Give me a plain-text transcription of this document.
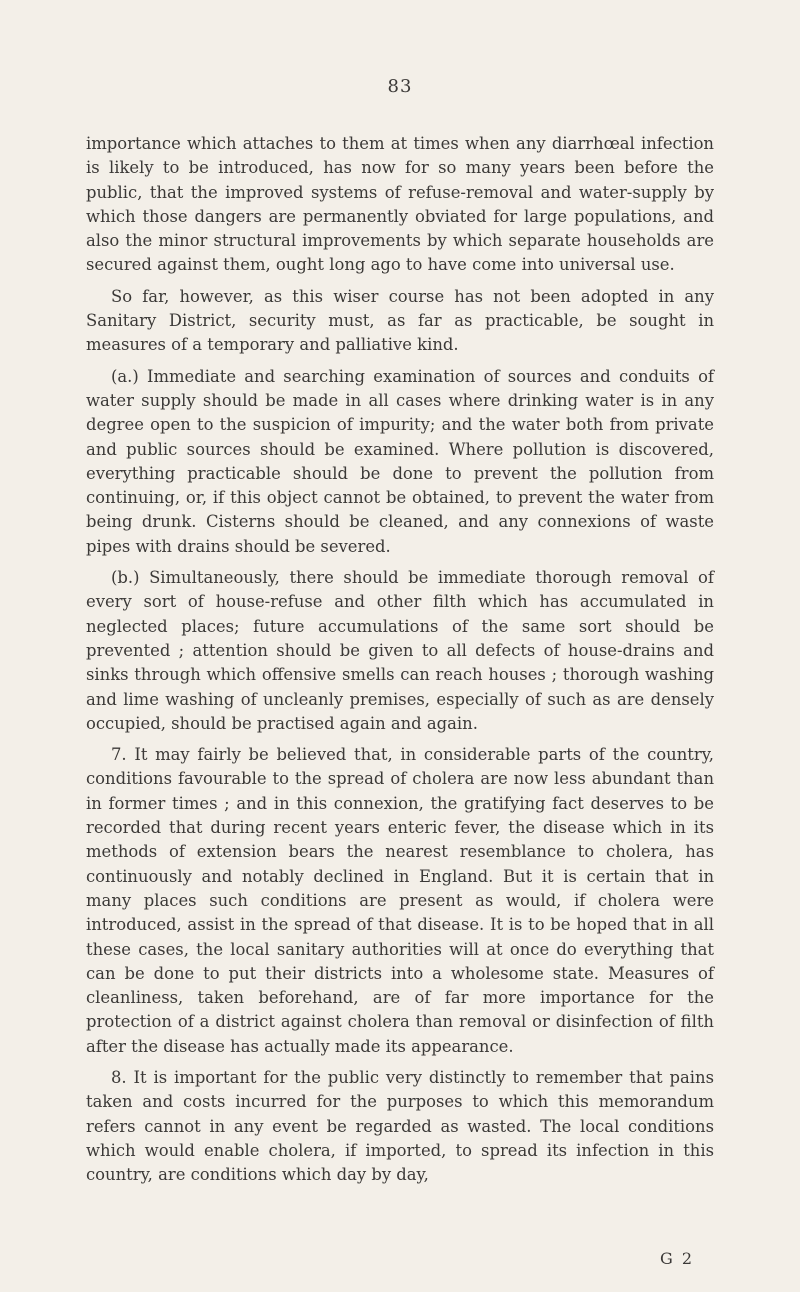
83

importance which attaches to them at times when any diarrhœal infection is likely to be introduced, has now for so many years been before the public, that the improved systems of refuse-removal and water-supply by which those dangers are permanently obviated for large populations, and also the minor structural improvements by which separate households are secured against them, ought long ago to have come into universal use.

So far, however, as this wiser course has not been adopted in any Sanitary District, security must, as far as practicable, be sought in measures of a temporary and palliative kind.

(a.) Immediate and searching examination of sources and conduits of water supply should be made in all cases where drinking water is in any degree open to the suspicion of impurity; and the water both from private and public sources should be examined. Where pollution is discovered, everything practicable should be done to prevent the pollution from continuing, or, if this object cannot be obtained, to prevent the water from being drunk. Cisterns should be cleaned, and any connexions of waste pipes with drains should be severed.

(b.) Simultaneously, there should be immediate thorough removal of every sort of house-refuse and other filth which has accumulated in neglected places; future accumulations of the same sort should be prevented ; attention should be given to all defects of house-drains and sinks through which offensive smells can reach houses ; thorough washing and lime washing of uncleanly premises, especially of such as are densely occupied, should be practised again and again.

7. It may fairly be believed that, in considerable parts of the country, conditions favourable to the spread of cholera are now less abundant than in former times ; and in this connexion, the gratifying fact deserves to be recorded that during recent years enteric fever, the disease which in its methods of extension bears the nearest resemblance to cholera, has continuously and notably declined in England. But it is certain that in many places such conditions are present as would, if cholera were introduced, assist in the spread of that disease. It is to be hoped that in all these cases, the local sanitary authorities will at once do everything that can be done to put their districts into a wholesome state. Measures of cleanliness, taken beforehand, are of far more importance for the protection of a district against cholera than removal or disinfection of filth after the disease has actually made its appearance.

8. It is important for the public very distinctly to remember that pains taken and costs incurred for the purposes to which this memorandum refers cannot in any event be regarded as wasted. The local conditions which would enable cholera, if imported, to spread its infection in this country, are conditions which day by day,

G 2
